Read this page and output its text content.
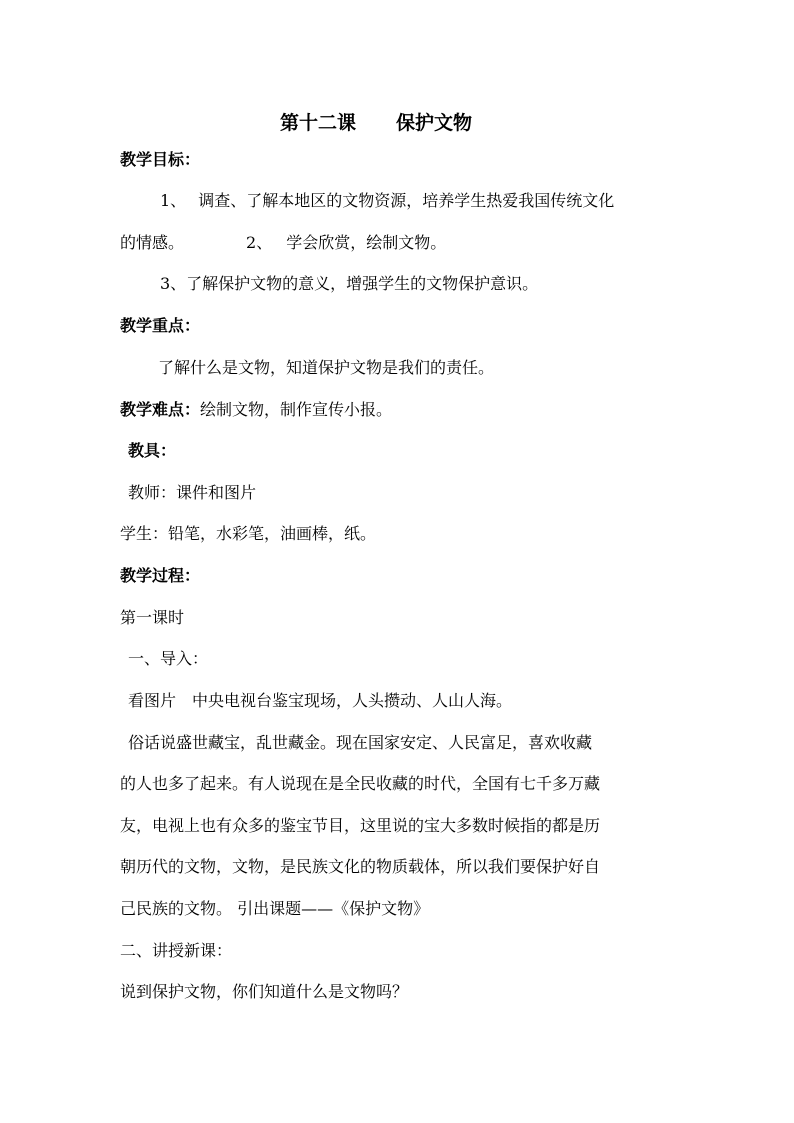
第十二课 保护文物
教学目标：
1、 调查、了解本地区的文物资源，培养学生热爱我国传统文化
的情感。	2、 学会欣赏，绘制文物。
3、了解保护文物的意义，增强学生的文物保护意识。
教学重点：
了解什么是文物，知道保护文物是我们的责任。
教学难点：绘制文物，制作宣传小报。
教具：
教师：课件和图片
学生：铅笔，水彩笔，油画棒，纸。
教学过程：
第一课时
一、导入：
看图片　中央电视台鉴宝现场，人头攒动、人山人海。
俗话说盛世藏宝，乱世藏金。现在国家安定、人民富足，喜欢收藏
的人也多了起来。有人说现在是全民收藏的时代，全国有七千多万藏
友，电视上也有众多的鉴宝节目，这里说的宝大多数时候指的都是历
朝历代的文物，文物，是民族文化的物质载体，所以我们要保护好自
己民族的文物。 引出课题——《保护文物》
二、讲授新课：
说到保护文物，你们知道什么是文物吗？
